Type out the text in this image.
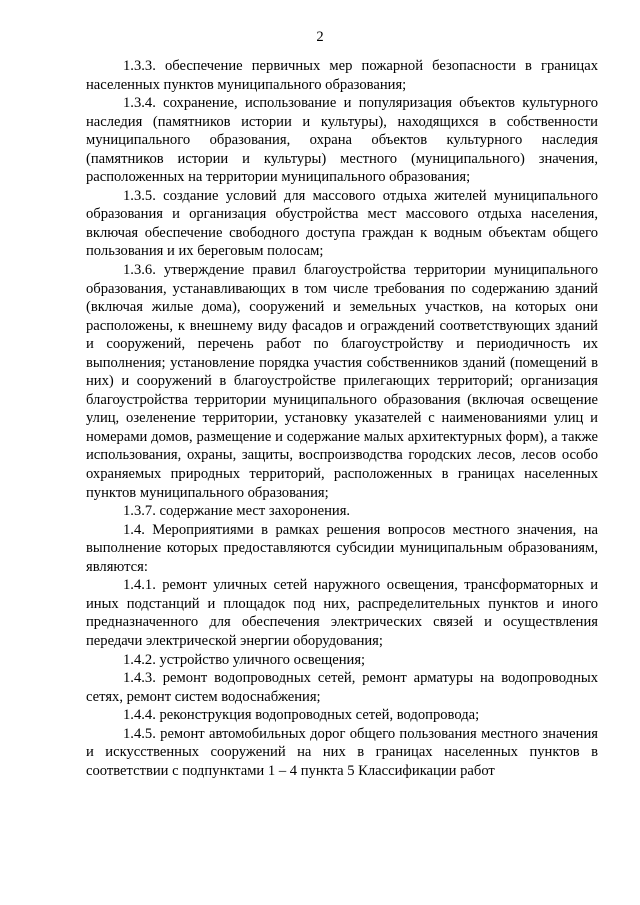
2

1.3.3. обеспечение первичных мер пожарной безопасности в границах населенных пунктов муниципального образования;

1.3.4. сохранение, использование и популяризация объектов культурного наследия (памятников истории и культуры), находящихся в собственности муниципального образования, охрана объектов культурного наследия (памятников истории и культуры) местного (муниципального) значения, расположенных на территории муниципального образования;

1.3.5. создание условий для массового отдыха жителей муниципального образования и организация обустройства мест массового отдыха населения, включая обеспечение свободного доступа граждан к водным объектам общего пользования и их береговым полосам;

1.3.6. утверждение правил благоустройства территории муниципального образования, устанавливающих в том числе требования по содержанию зданий (включая жилые дома), сооружений и земельных участков, на которых они расположены, к внешнему виду фасадов и ограждений соответствующих зданий и сооружений, перечень работ по благоустройству и периодичность их выполнения; установление порядка участия собственников зданий (помещений в них) и сооружений в благоустройстве прилегающих территорий; организация благоустройства территории муниципального образования (включая освещение улиц, озеленение территории, установку указателей с наименованиями улиц и номерами домов, размещение и содержание малых архитектурных форм), а также использования, охраны, защиты, воспроизводства городских лесов, лесов особо охраняемых природных территорий, расположенных в границах населенных пунктов муниципального образования;

1.3.7. содержание мест захоронения.

1.4. Мероприятиями в рамках решения вопросов местного значения, на выполнение которых предоставляются субсидии муниципальным образованиям, являются:

1.4.1. ремонт уличных сетей наружного освещения, трансформаторных и иных подстанций и площадок под них, распределительных пунктов и иного предназначенного для обеспечения электрических связей и осуществления передачи электрической энергии оборудования;

1.4.2. устройство уличного освещения;

1.4.3. ремонт водопроводных сетей, ремонт арматуры на водопроводных сетях, ремонт систем водоснабжения;

1.4.4. реконструкция водопроводных сетей, водопровода;

1.4.5. ремонт автомобильных дорог общего пользования местного значения и искусственных сооружений на них в границах населенных пунктов в соответствии с подпунктами 1 – 4 пункта 5 Классификации работ
